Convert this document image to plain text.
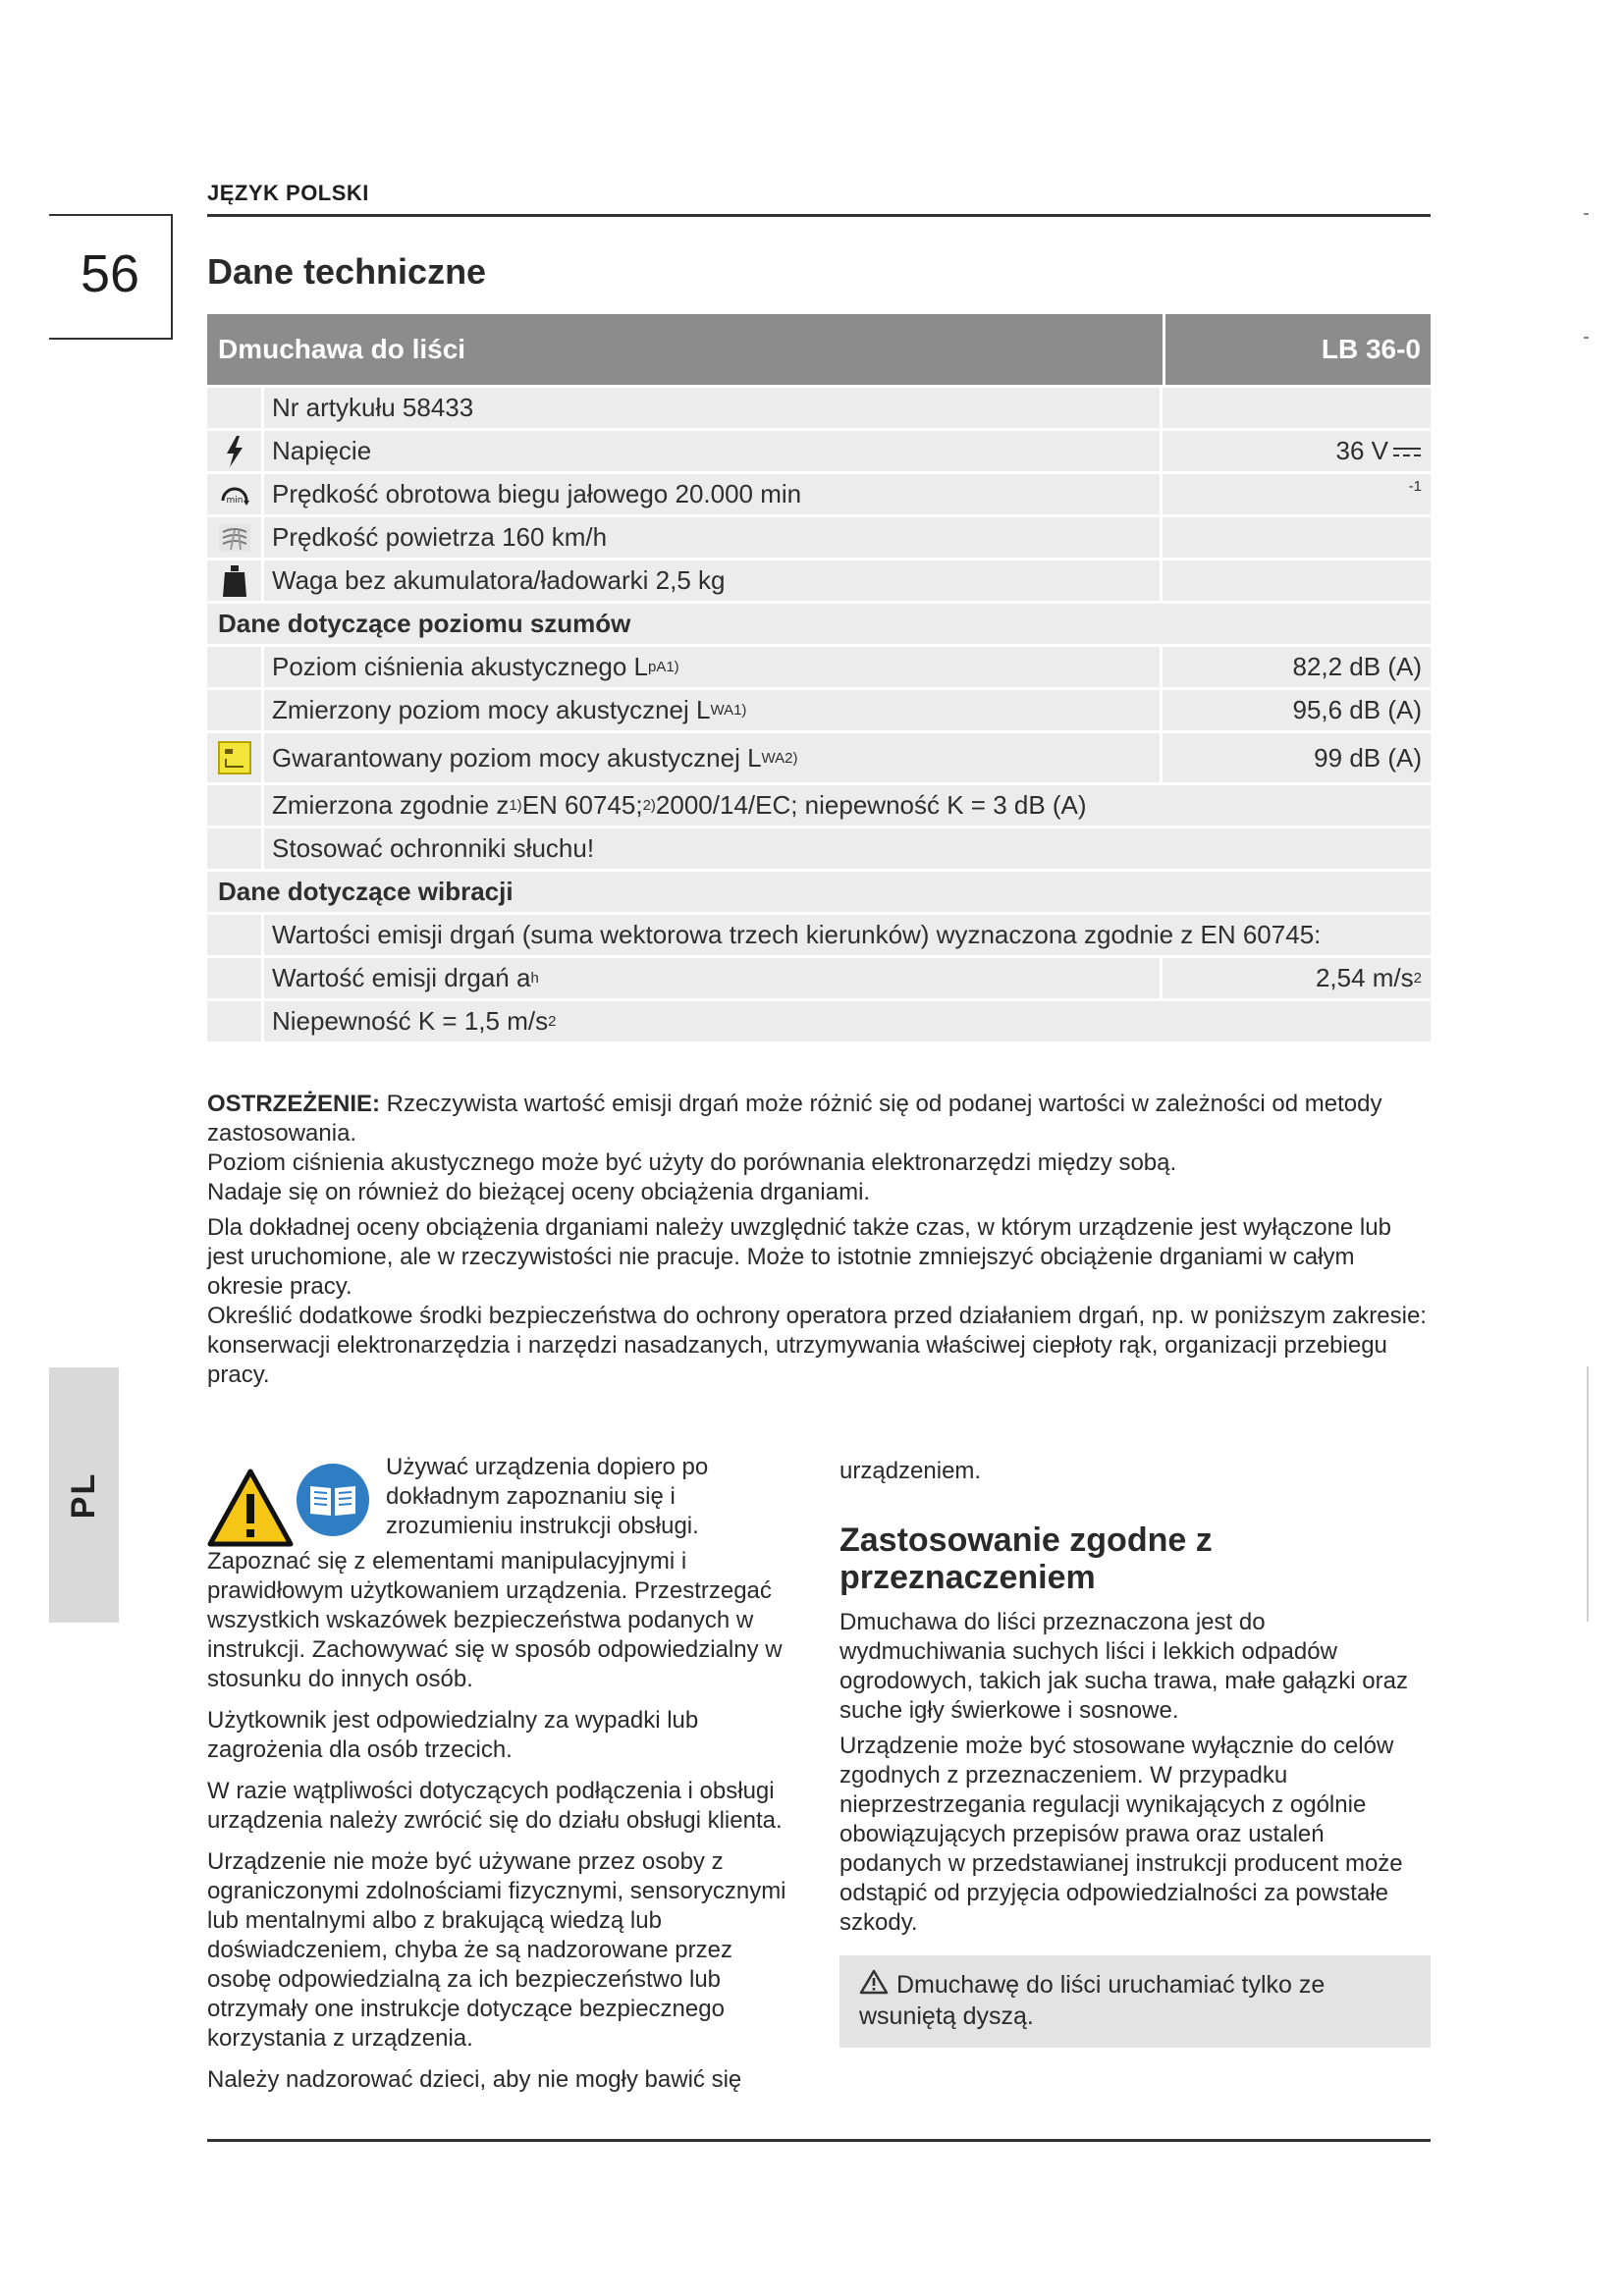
JĘZYK POLSKI
56	Dane techniczne
PL
Dmuchawa do liści	LB 36-0
Nr artykułu 58433
Napięcie	36 V
min	Prędkość obrotowa biegu jałowego 20.000 min	-1
Prędkość powietrza 160 km/h
Waga bez akumulatora/ładowarki 2,5 kg
Dane dotyczące poziomu szumów
Poziom ciśnienia akustycznego L pA 1)	82,2 dB (A)
Zmierzony poziom mocy akustycznej L WA 1)	95,6 dB (A)
Gwarantowany poziom mocy akustycznej L WA 2)	99 dB (A)
Zmierzona zgodnie z 1) EN 60745; 2) 2000/14/EC; niepewność K = 3 dB (A)
Stosować ochronniki słuchu!
Dane dotyczące wibracji
Wartości emisji drgań (suma wektorowa trzech kierunków) wyznaczona zgodnie z EN 60745:
Wartość emisji drgań a h	2,54 m/s 2
Niepewność K = 1,5 m/s 2

OSTRZEŻENIE: Rzeczywista wartość emisji drgań może różnić się od podanej wartości w zależności od metody zastosowania.

Poziom ciśnienia akustycznego może być użyty do porównania elektronarzędzi między sobą.

Nadaje się on również do bieżącej oceny obciążenia drganiami.

Dla dokładnej oceny obciążenia drganiami należy uwzględnić także czas, w którym urządzenie jest wyłączone lub jest uruchomione, ale w rzeczywistości nie pracuje. Może to istotnie zmniejszyć obciążenie drganiami w całym okresie pracy.

Określić dodatkowe środki bezpieczeństwa do ochrony operatora przed działaniem drgań, np. w poniższym zakresie: konserwacji elektronarzędzia i narzędzi nasadzanych, utrzymywania właściwej ciepłoty rąk, organizacji przebiegu pracy.

Używać urządzenia dopiero po dokładnym zapoznaniu się i zrozumieniu instrukcji obsługi.

Zapoznać się z elementami manipulacyjnymi i prawidłowym użytkowaniem urządzenia. Przestrzegać wszystkich wskazówek bezpieczeństwa podanych w instrukcji. Zachowywać się w sposób odpowiedzialny w stosunku do innych osób.

Użytkownik jest odpowiedzialny za wypadki lub zagrożenia dla osób trzecich.

W razie wątpliwości dotyczących podłączenia i obsługi urządzenia należy zwrócić się do działu obsługi klienta.

Urządzenie nie może być używane przez osoby z ograniczonymi zdolnościami fizycznymi, sensorycznymi lub mentalnymi albo z brakującą wiedzą lub doświadczeniem, chyba że są nadzorowane przez osobę odpowiedzialną za ich bezpieczeństwo lub otrzymały one instrukcje dotyczące bezpiecznego korzystania z urządzenia.

Należy nadzorować dzieci, aby nie mogły bawić się

urządzeniem.

Zastosowanie zgodne z przeznaczeniem

Dmuchawa do liści przeznaczona jest do wydmuchiwania suchych liści i lekkich odpadów ogrodowych, takich jak sucha trawa, małe gałązki oraz suche igły świerkowe i sosnowe.

Urządzenie może być stosowane wyłącznie do celów zgodnych z przeznaczeniem. W przypadku nieprzestrzegania regulacji wynikających z ogólnie obowiązujących przepisów prawa oraz ustaleń podanych w przedstawianej instrukcji producent może odstąpić od przyjęcia odpowiedzialności za powstałe szkody.

Dmuchawę do liści uruchamiać tylko ze wsuniętą dyszą.
